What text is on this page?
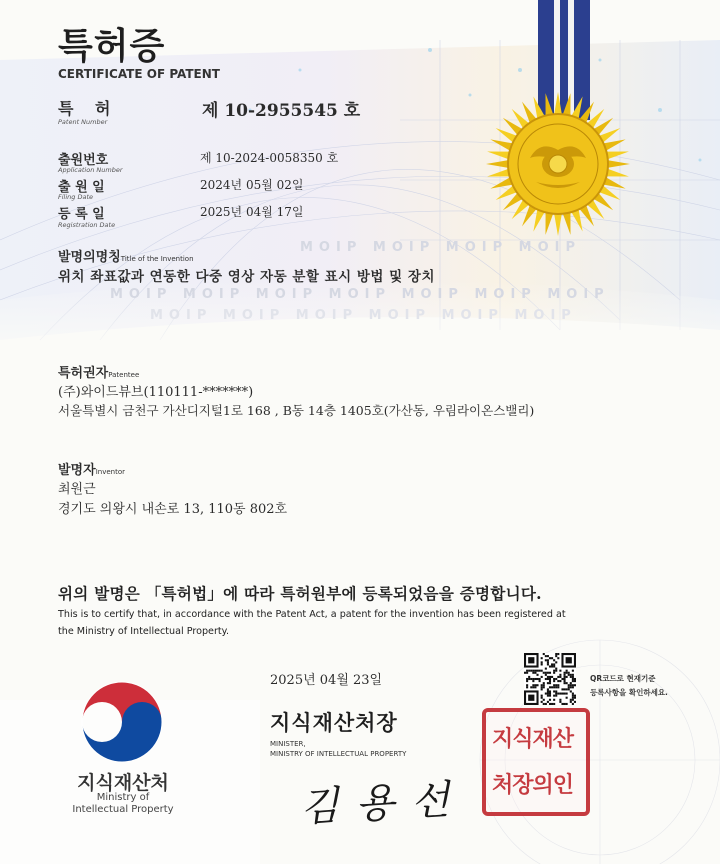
특허증
CERTIFICATE OF PATENT
특 허
Patent Number
제 10-2955545 호
출원번호
Application Number
제 10-2024-0058350 호
출 원 일
Filing Date
2024년 05월 02일
등 록 일
Registration Date
2025년 04월 17일
발명의명칭Title of the Invention
위치 좌표값과 연동한 다중 영상 자동 분할 표시 방법 및 장치
MOIP MOIP MOIP MOIP
MOIP MOIP MOIP MOIP MOIP MOIP MOIP
MOIP MOIP MOIP MOIP MOIP MOIP
특허권자Patentee
(주)와이드뷰브(110111-*******)
서울특별시 금천구 가산디지털1로 168 , B동 14층 1405호(가산동, 우림라이온스밸리)
발명자Inventor
최원근
경기도 의왕시 내손로 13, 110동 802호
위의 발명은 「특허법」에 따라 특허원부에 등록되었음을 증명합니다.
This is to certify that, in accordance with the Patent Act, a patent for the invention has been registered at
the Ministry of Intellectual Property.
2025년 04월 23일
지식재산처장
MINISTER,
MINISTRY OF INTELLECTUAL PROPERTY
김 용 선
지식재산
처장의인
QR코드로 현재기준
등록사항을 확인하세요.
지식재산처
Ministry of
Intellectual Property
